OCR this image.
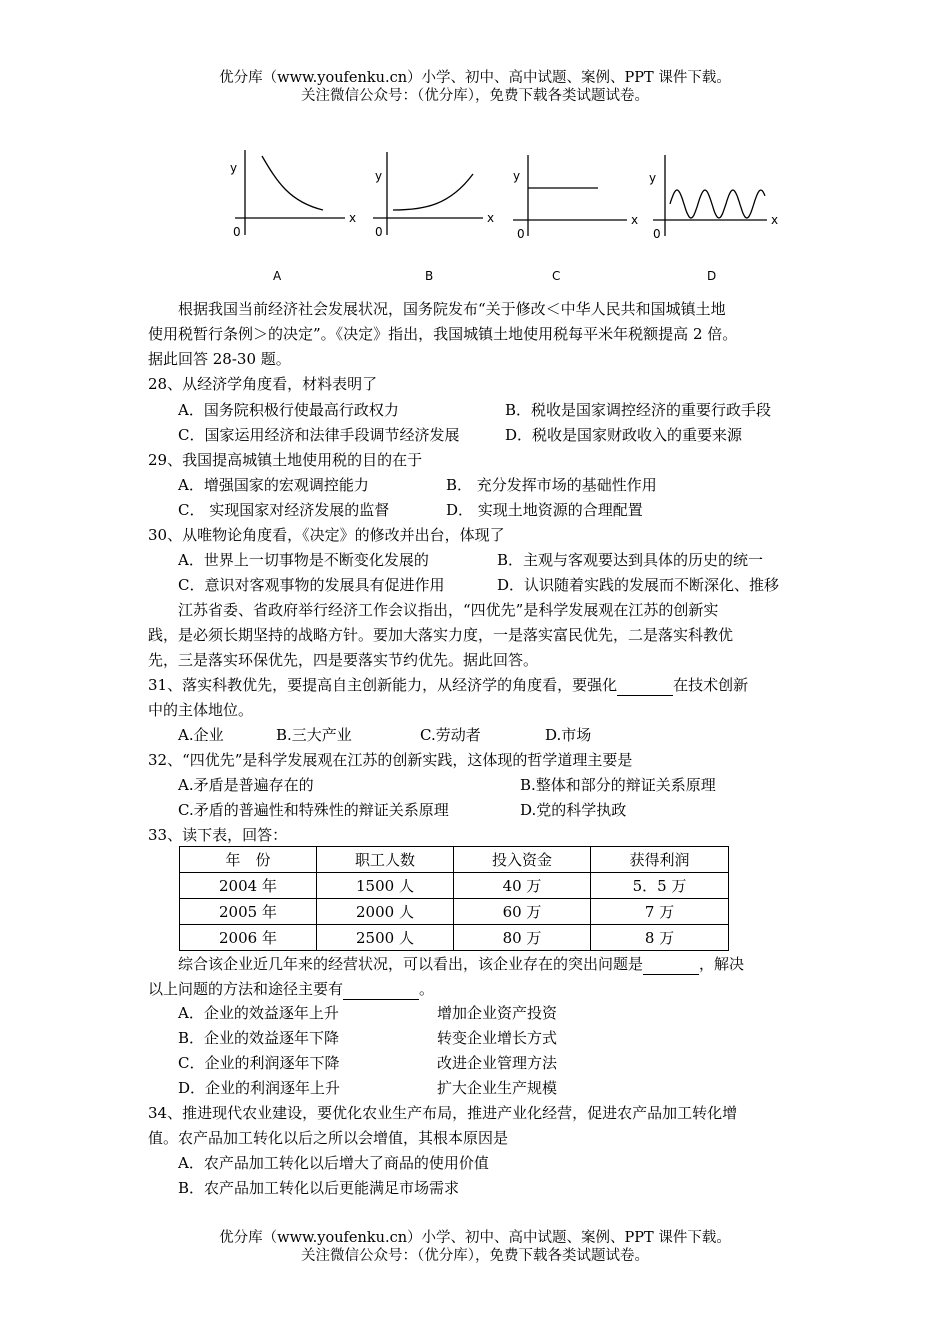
优分库（www.youfenku.cn）小学、初中、高中试题、案例、PPT 课件下载。
关注微信公众号：（优分库），免费下载各类试题试卷。
y
x
0
A
y
x
0
B
y
x
0
C
y
x
0
D
根据我国当前经济社会发展状况，国务院发布“关于修改＜中华人民共和国城镇土地
使用税暂行条例＞的决定”。《决定》指出，我国城镇土地使用税每平米年税额提高 2 倍。
据此回答 28-30 题。
28、从经济学角度看，材料表明了
A．国务院积极行使最高行政权力	B．税收是国家调控经济的重要行政手段
C．国家运用经济和法律手段调节经济发展	D．税收是国家财政收入的重要来源
29、我国提高城镇土地使用税的目的在于
A．增强国家的宏观调控能力	B． 充分发挥市场的基础性作用
C． 实现国家对经济发展的监督	D． 实现土地资源的合理配置
30、从唯物论角度看，《决定》的修改并出台，体现了
A．世界上一切事物是不断变化发展的	B．主观与客观要达到具体的历史的统一
C．意识对客观事物的发展具有促进作用	D．认识随着实践的发展而不断深化、推移
江苏省委、省政府举行经济工作会议指出，“四优先”是科学发展观在江苏的创新实
践，是必须长期坚持的战略方针。要加大落实力度，一是落实富民优先，二是落实科教优
先，三是落实环保优先，四是要落实节约优先。据此回答。
31、落实科教优先，要提高自主创新能力，从经济学的角度看，要强化	在技术创新
中的主体地位。
A.企业	B.三大产业	C.劳动者	D.市场
32、“四优先”是科学发展观在江苏的创新实践，这体现的哲学道理主要是
A.矛盾是普遍存在的	B.整体和部分的辩证关系原理
C.矛盾的普遍性和特殊性的辩证关系原理	D.党的科学执政
33、读下表，回答：
年　份	职工人数	投入资金	获得利润
2004 年	1500 人	40 万	5．5 万
2005 年	2000 人	60 万	7 万
2006 年	2500 人	80 万	8 万
综合该企业近几年来的经营状况，可以看出，该企业存在的突出问题是	，解决
以上问题的方法和途径主要有	。
A．企业的效益逐年上升	增加企业资产投资
B．企业的效益逐年下降	转变企业增长方式
C．企业的利润逐年下降	改进企业管理方法
D．企业的利润逐年上升	扩大企业生产规模
34、推进现代农业建设，要优化农业生产布局，推进产业化经营，促进农产品加工转化增
值。农产品加工转化以后之所以会增值，其根本原因是
A．农产品加工转化以后增大了商品的使用价值
B．农产品加工转化以后更能满足市场需求
优分库（www.youfenku.cn）小学、初中、高中试题、案例、PPT 课件下载。
关注微信公众号：（优分库），免费下载各类试题试卷。
